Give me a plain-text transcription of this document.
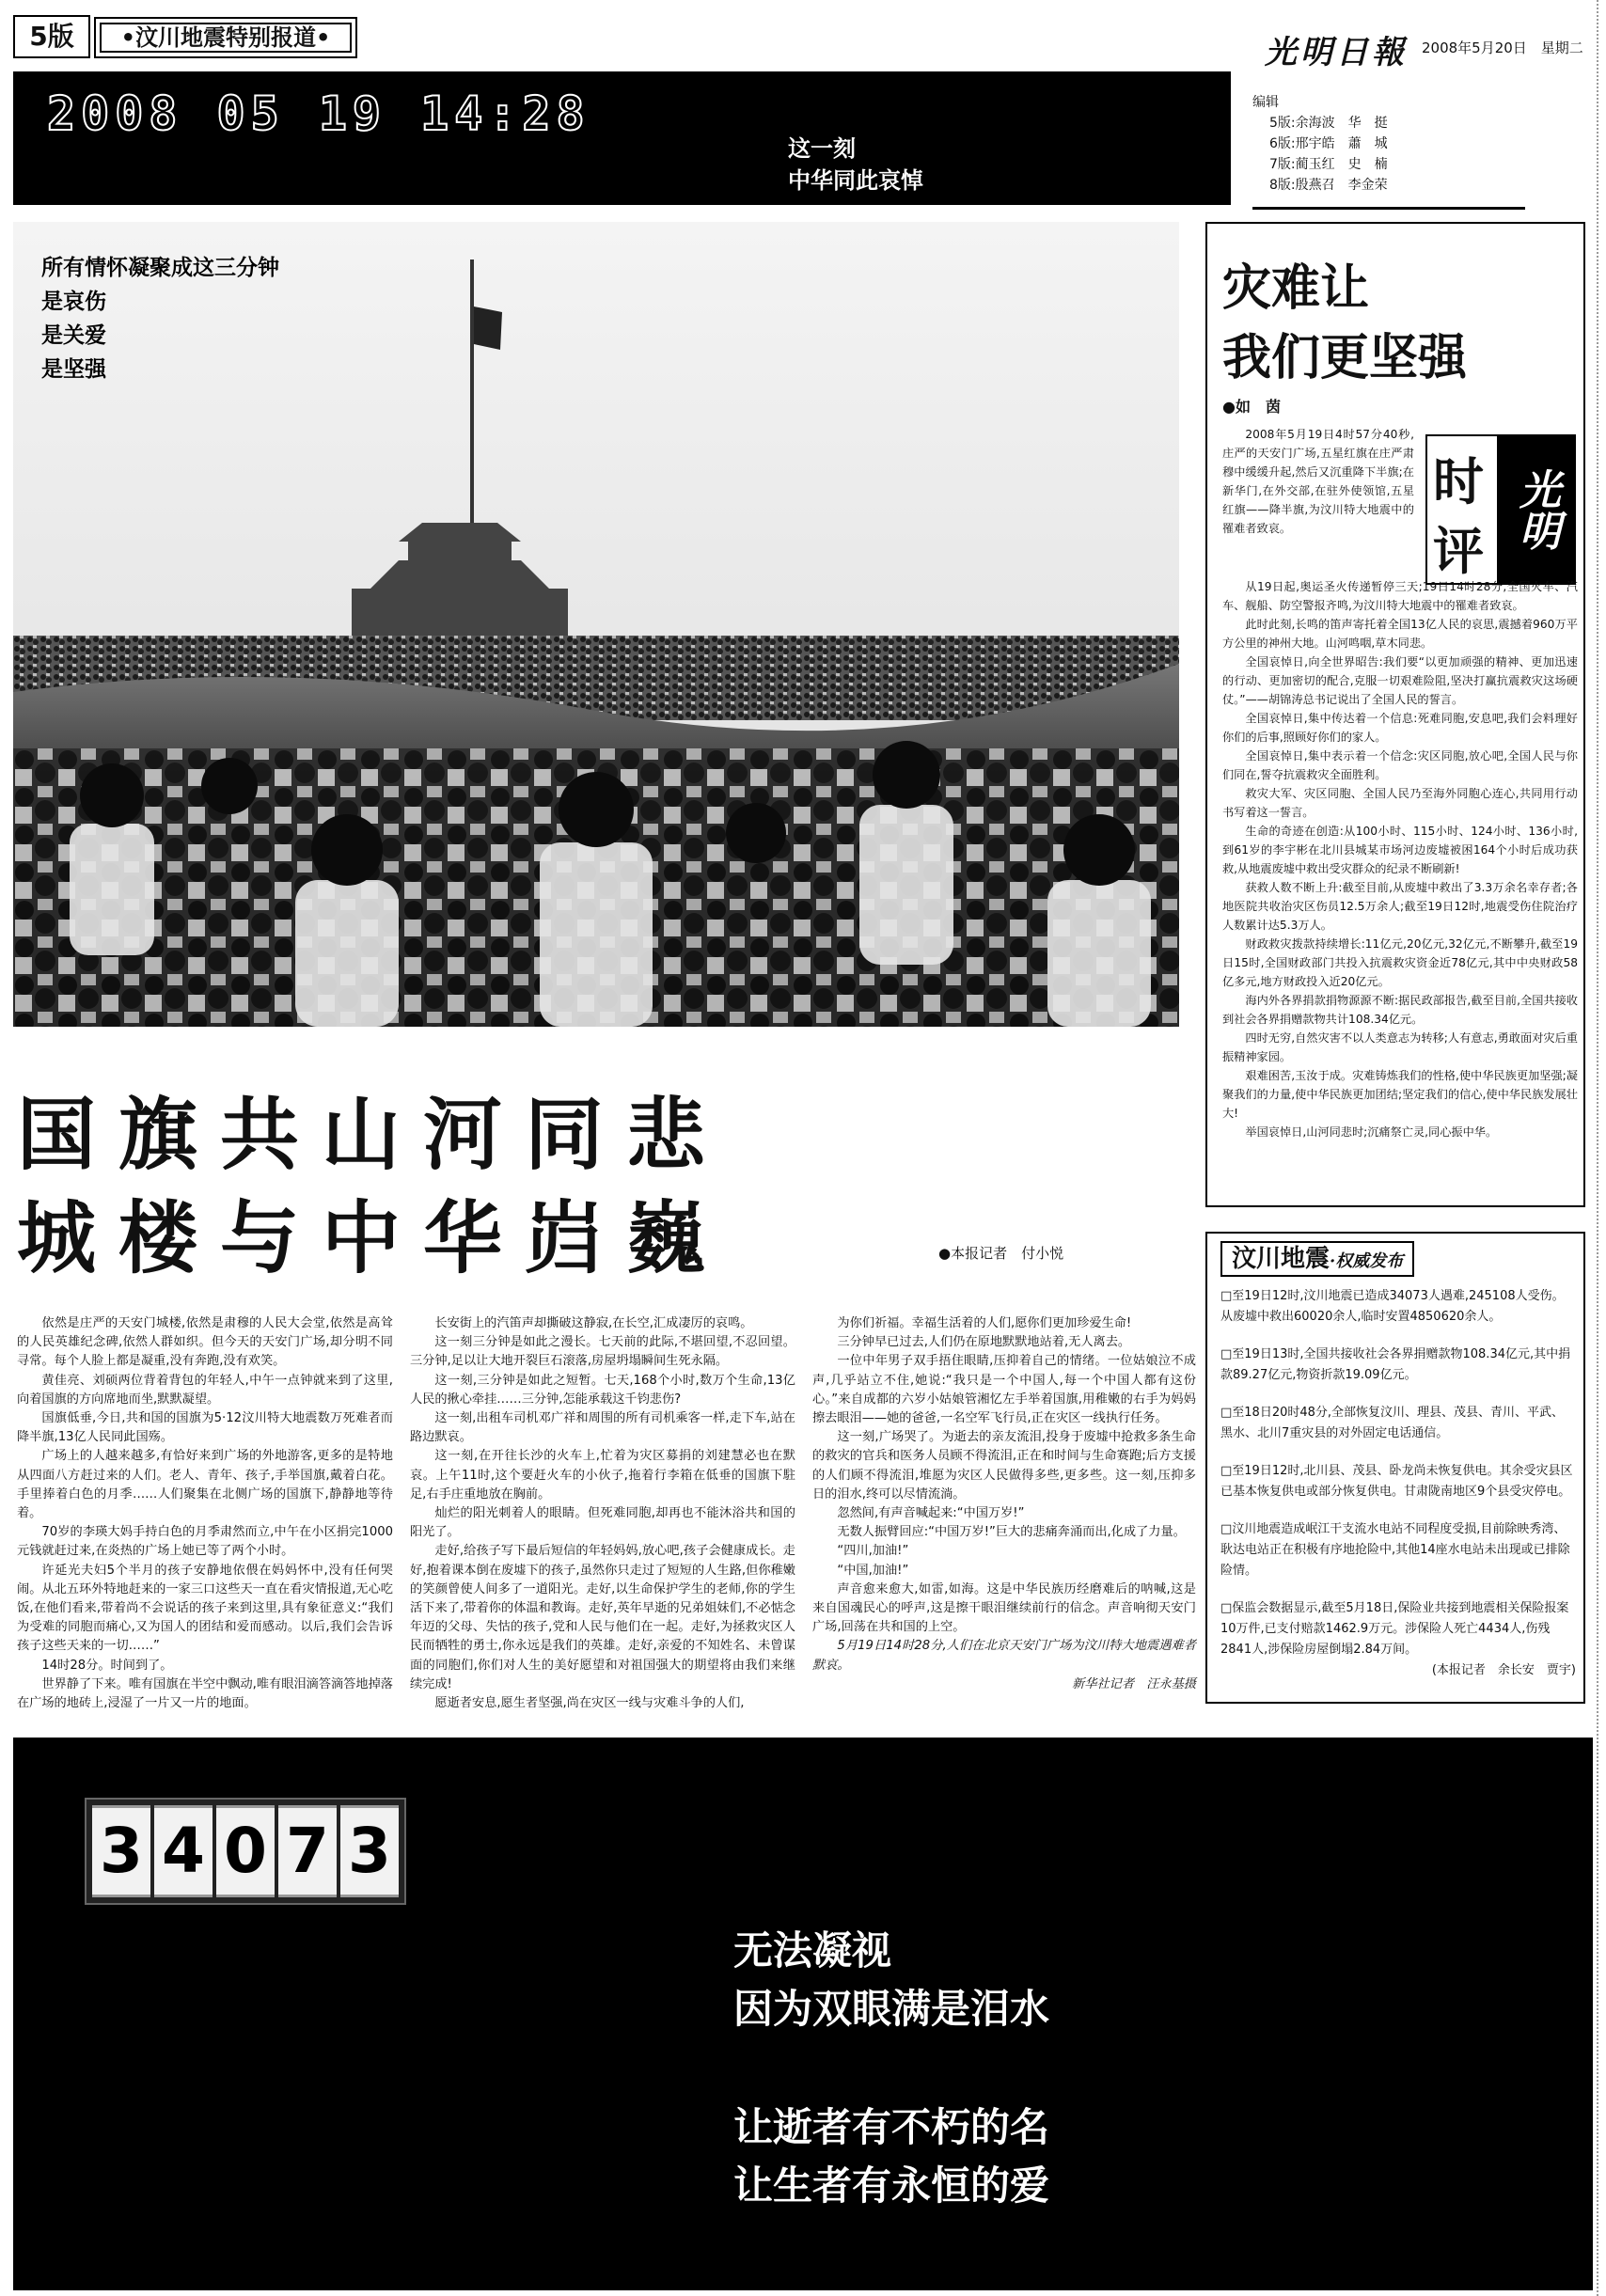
5版	•汶川地震特别报道•	光明日報 2008年5月20日　星期二
2008 05 19 14:28
这一刻
中华同此哀悼
编辑
5版:余海波　华　挺
6版:邢宇皓　蕭　城
7版:蔺玉红　史　楠
8版:殷燕召　李金荣
所有情怀凝聚成这三分钟
是哀伤
是关爱
是坚强
国旗共山河同悲
城楼与中华岿巍	●本报记者　付小悦

依然是庄严的天安门城楼,依然是肃穆的人民大会堂,依然是高耸的人民英雄纪念碑,依然人群如织。但今天的天安门广场,却分明不同寻常。每个人脸上都是凝重,没有奔跑,没有欢笑。

黄佳亮、刘硕两位背着背包的年轻人,中午一点钟就来到了这里,向着国旗的方向席地而坐,默默凝望。

国旗低垂,今日,共和国的国旗为5·12汶川特大地震数万死难者而降半旗,13亿人民同此国殇。

广场上的人越来越多,有恰好来到广场的外地游客,更多的是特地从四面八方赶过来的人们。老人、青年、孩子,手举国旗,戴着白花。手里捧着白色的月季……人们聚集在北侧广场的国旗下,静静地等待着。

70岁的李瑛大妈手持白色的月季肃然而立,中午在小区捐完1000元钱就赶过来,在炎热的广场上她已等了两个小时。

许延光夫妇5个半月的孩子安静地依偎在妈妈怀中,没有任何哭闹。从北五环外特地赶来的一家三口这些天一直在看灾情报道,无心吃饭,在他们看来,带着尚不会说话的孩子来到这里,具有象征意义:“我们为受难的同胞而痛心,又为国人的团结和爱而感动。以后,我们会告诉孩子这些天来的一切……”

14时28分。时间到了。

世界静了下来。唯有国旗在半空中飘动,唯有眼泪滴答滴答地掉落在广场的地砖上,浸湿了一片又一片的地面。

长安街上的汽笛声却撕破这静寂,在长空,汇成凄厉的哀鸣。

这一刻三分钟是如此之漫长。七天前的此际,不堪回望,不忍回望。三分钟,足以让大地开裂巨石滚落,房屋坍塌瞬间生死永隔。

这一刻,三分钟是如此之短暂。七天,168个小时,数万个生命,13亿人民的揪心牵挂……三分钟,怎能承载这千钧悲伤?

这一刻,出租车司机邓广祥和周围的所有司机乘客一样,走下车,站在路边默哀。

这一刻,在开往长沙的火车上,忙着为灾区募捐的刘建慧必也在默哀。上午11时,这个要赶火车的小伙子,拖着行李箱在低垂的国旗下駐足,右手庄重地放在胸前。

灿烂的阳光刺着人的眼睛。但死难同胞,却再也不能沐浴共和国的阳光了。

走好,给孩子写下最后短信的年轻妈妈,放心吧,孩子会健康成长。走好,抱着课本倒在废墟下的孩子,虽然你只走过了短短的人生路,但你稚嫩的笑颜曾使人间多了一道阳光。走好,以生命保护学生的老师,你的学生活下来了,带着你的体温和教诲。走好,英年早逝的兄弟姐妹们,不必惦念年迈的父母、失怙的孩子,党和人民与他们在一起。走好,为拯救灾区人民而牺牲的勇士,你永远是我们的英雄。走好,亲爱的不知姓名、未曾谋面的同胞们,你们对人生的美好愿望和对祖国强大的期望将由我们来继续完成!

愿逝者安息,愿生者坚强,尚在灾区一线与灾难斗争的人们,

为你们祈福。幸福生活着的人们,愿你们更加珍爱生命!

三分钟早已过去,人们仍在原地默默地站着,无人离去。

一位中年男子双手捂住眼睛,压抑着自己的情绪。一位姑娘泣不成声,几乎站立不住,她说:“我只是一个中国人,每一个中国人都有这份心。”来自成都的六岁小姑娘管湘忆左手举着国旗,用稚嫩的右手为妈妈擦去眼泪——她的爸爸,一名空军飞行员,正在灾区一线执行任务。

这一刻,广场哭了。为逝去的亲友流泪,投身于废墟中抢救多条生命的救灾的官兵和医务人员顾不得流泪,正在和时间与生命赛跑;后方支援的人们顾不得流泪,堆愿为灾区人民做得多些,更多些。这一刻,压抑多日的泪水,终可以尽情流淌。

忽然间,有声音喊起来:“中国万岁!”

无数人振臂回应:“中国万岁!”巨大的悲痛奔涌而出,化成了力量。

“四川,加油!”

“中国,加油!”

声音愈来愈大,如雷,如海。这是中华民族历经磨难后的呐喊,这是来自国魂民心的呼声,这是擦干眼泪继续前行的信念。声音响彻天安门广场,回荡在共和国的上空。

5月19日14时28分,人们在北京天安门广场为汶川特大地震遇难者默哀。

新华社记者　汪永基摄
灾难让
我们更坚强
●如　茵
时
评 光明

2008年5月19日4时57分40秒,庄严的天安门广场,五星红旗在庄严肃穆中缓缓升起,然后又沉重降下半旗;在新华门,在外交部,在驻外使领馆,五星红旗——降半旗,为汶川特大地震中的罹难者致哀。

从19日起,奥运圣火传递暂停三天;19日14时28分,全国火车、汽车、舰船、防空警报齐鸣,为汶川特大地震中的罹难者致哀。

此时此刻,长鸣的笛声寄托着全国13亿人民的哀思,震撼着960万平方公里的神州大地。山河鸣咽,草木同悲。

全国哀悼日,向全世界昭告:我们要“以更加顽强的精神、更加迅速的行动、更加密切的配合,克服一切艰难险阻,坚决打赢抗震救灾这场硬仗。”——胡锦涛总书记说出了全国人民的誓言。

全国哀悼日,集中传达着一个信息:死难同胞,安息吧,我们会料理好你们的后事,照顾好你们的家人。

全国哀悼日,集中表示着一个信念:灾区同胞,放心吧,全国人民与你们同在,誓夺抗震救灾全面胜利。

救灾大军、灾区同胞、全国人民乃至海外同胞心连心,共同用行动书写着这一誓言。

生命的奇迹在创造:从100小时、115小时、124小时、136小时,到61岁的李宇彬在北川县城某市场河边废墟被困164个小时后成功获救,从地震废墟中救出受灾群众的纪录不断刷新!

获救人数不断上升:截至目前,从废墟中救出了3.3万余名幸存者;各地医院共收治灾区伤员12.5万余人;截至19日12时,地震受伤住院治疗人数累计达5.3万人。

财政救灾拨款持续增长:11亿元,20亿元,32亿元,不断攀升,截至19日15时,全国财政部门共投入抗震救灾资金近78亿元,其中中央财政58亿多元,地方财政投入近20亿元。

海内外各界捐款捐物源源不断:据民政部报告,截至目前,全国共接收到社会各界捐赠款物共计108.34亿元。

四时无穷,自然灾害不以人类意志为转移;人有意志,勇敢面对灾后重振精神家园。

艰难困苦,玉汝于成。灾难铸炼我们的性格,使中华民族更加坚强;凝聚我们的力量,使中华民族更加团结;坚定我们的信心,使中华民族发展壮大!

举国哀悼日,山河同悲时;沉痛祭亡灵,同心振中华。

汶川地震·权威发布

□至19日12时,汶川地震已造成34073人遇难,245108人受伤。从废墟中救出60020余人,临时安置4850620余人。

□至19日13时,全国共接收社会各界捐赠款物108.34亿元,其中捐款89.27亿元,物资折款19.09亿元。

□至18日20时48分,全部恢复汶川、理县、茂县、青川、平武、黑水、北川7重灾县的对外固定电话通信。

□至19日12时,北川县、茂县、卧龙尚未恢复供电。其余受灾县区已基本恢复供电或部分恢复供电。甘肃陇南地区9个县受灾停电。

□汶川地震造成岷江干支流水电站不同程度受损,目前除映秀湾、耿达电站正在积极有序地抢险中,其他14座水电站未出现或已排除险情。

□保监会数据显示,截至5月18日,保险业共接到地震相关保险报案10万件,已支付赔款1462.9万元。涉保险人死亡4434人,伤残2841人,涉保险房屋倒塌2.84万间。

(本报记者　余长安　贾宇)
3 4 0 7 3
无法凝视
因为双眼满是泪水
让逝者有不朽的名
让生者有永恒的爱
